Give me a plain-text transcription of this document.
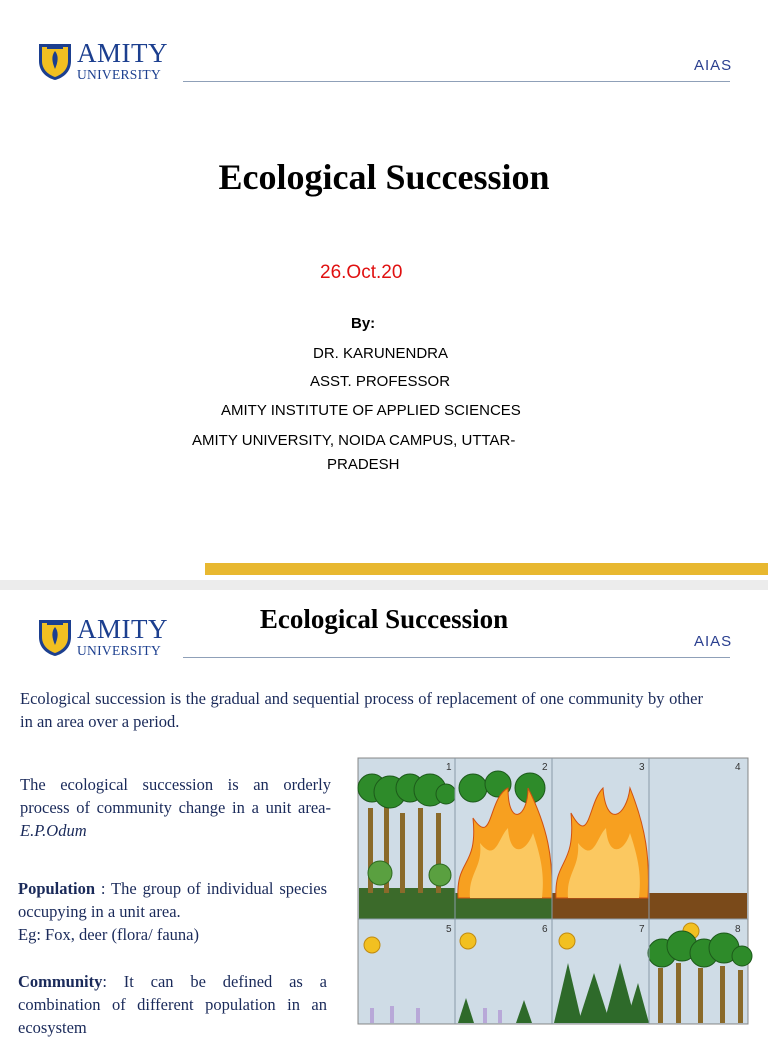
AMITY
UNIVERSITY
AIAS
Ecological Succession
26.Oct.20
By:
DR. KARUNENDRA
ASST. PROFESSOR
AMITY INSTITUTE OF APPLIED SCIENCES
AMITY UNIVERSITY, NOIDA CAMPUS, UTTAR-
PRADESH
AMITY
UNIVERSITY
Ecological Succession
AIAS
Ecological succession is the gradual and sequential process of replacement of one community by other in an area over a period.
The ecological succession is an orderly process of community change in a unit area- E.P.Odum
Population : The group of individual species occupying in a unit area.
Eg: Fox, deer (flora/ fauna)
Community: It can be defined as a combination of different population in an ecosystem
1	2	3	4
5	6	7	8
